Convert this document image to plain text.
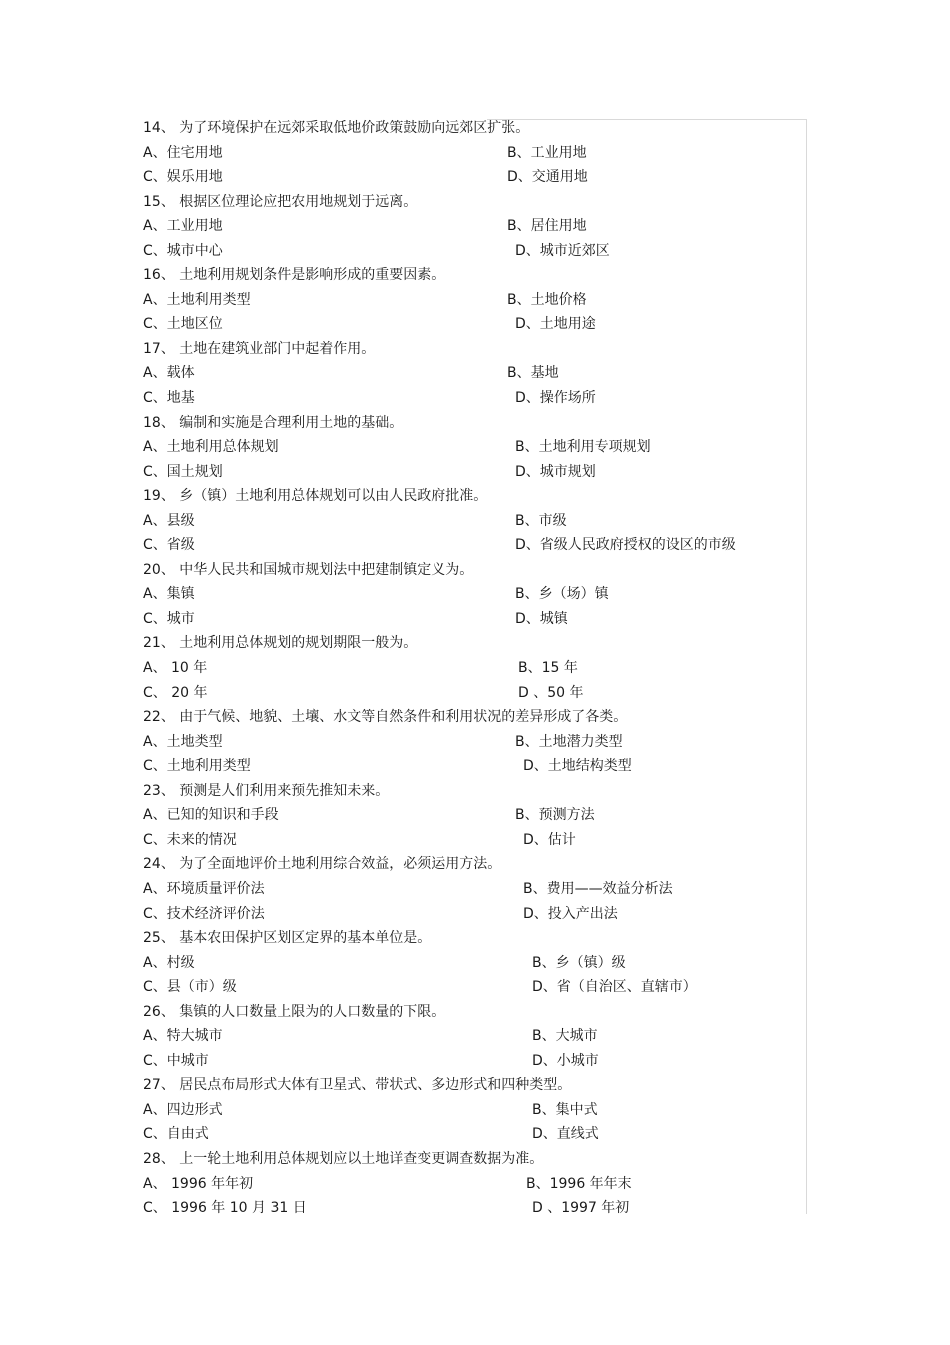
14、 为了环境保护在远郊采取低地价政策鼓励向远郊区扩张。
A、住宅用地	B、工业用地
C、娱乐用地	D、交通用地
15、 根据区位理论应把农用地规划于远离。
A、工业用地	B、居住用地
C、城市中心	D、城市近郊区
16、 土地利用规划条件是影响形成的重要因素。
A、土地利用类型	B、土地价格
C、土地区位	D、土地用途
17、 土地在建筑业部门中起着作用。
A、载体	B、基地
C、地基	D、操作场所
18、 编制和实施是合理利用土地的基础。
A、土地利用总体规划	B、土地利用专项规划
C、国土规划	D、城市规划
19、 乡（镇）土地利用总体规划可以由人民政府批准。
A、县级	B、市级
C、省级	D、省级人民政府授权的设区的市级
20、 中华人民共和国城市规划法中把建制镇定义为。
A、集镇	B、乡（场）镇
C、城市	D、城镇
21、 土地利用总体规划的规划期限一般为。
A、 10 年	B、15 年
C、 20 年	D 、50 年
22、 由于气候、地貌、土壤、水文等自然条件和利用状况的差异形成了各类。
A、土地类型	B、土地潜力类型
C、土地利用类型	D、土地结构类型
23、 预测是人们利用来预先推知未来。
A、已知的知识和手段	B、预测方法
C、未来的情况	D、估计
24、 为了全面地评价土地利用综合效益，必须运用方法。
A、环境质量评价法	B、费用——效益分析法
C、技术经济评价法	D、投入产出法
25、 基本农田保护区划区定界的基本单位是。
A、村级	B、乡（镇）级
C、县（市）级	D、省（自治区、直辖市）
26、 集镇的人口数量上限为的人口数量的下限。
A、特大城市	B、大城市
C、中城市	D、小城市
27、 居民点布局形式大体有卫星式、带状式、多边形式和四种类型。
A、四边形式	B、集中式
C、自由式	D、直线式
28、 上一轮土地利用总体规划应以土地详查变更调查数据为准。
A、 1996 年年初	B、1996 年年末
C、 1996 年 10 月 31 日	D 、1997 年初
